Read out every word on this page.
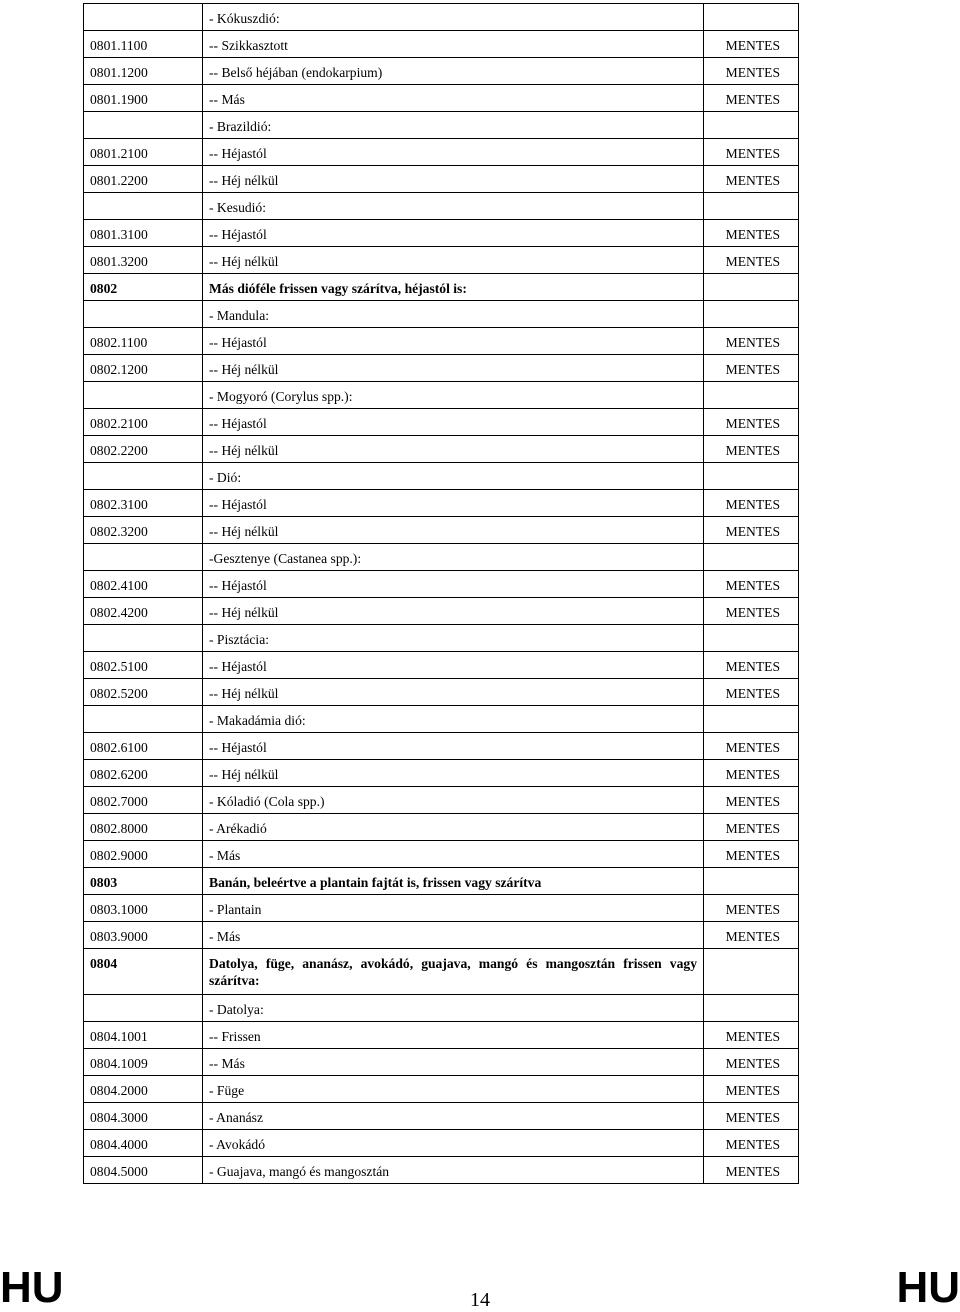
	- Kókuszdió:	
0801.1100	-- Szikkasztott	MENTES
0801.1200	-- Belső héjában (endokarpium)	MENTES
0801.1900	-- Más	MENTES
	- Brazildió:	
0801.2100	-- Héjastól	MENTES
0801.2200	-- Héj nélkül	MENTES
	- Kesudió:	
0801.3100	-- Héjastól	MENTES
0801.3200	-- Héj nélkül	MENTES
0802	Más dióféle frissen vagy szárítva, héjastól is:	
	- Mandula:	
0802.1100	-- Héjastól	MENTES
0802.1200	-- Héj nélkül	MENTES
	- Mogyoró (Corylus spp.):	
0802.2100	-- Héjastól	MENTES
0802.2200	-- Héj nélkül	MENTES
	- Dió:	
0802.3100	-- Héjastól	MENTES
0802.3200	-- Héj nélkül	MENTES
	-Gesztenye (Castanea spp.):	
0802.4100	-- Héjastól	MENTES
0802.4200	-- Héj nélkül	MENTES
	- Pisztácia:	
0802.5100	-- Héjastól	MENTES
0802.5200	-- Héj nélkül	MENTES
	- Makadámia dió:	
0802.6100	-- Héjastól	MENTES
0802.6200	-- Héj nélkül	MENTES
0802.7000	- Kóladió (Cola spp.)	MENTES
0802.8000	- Arékadió	MENTES
0802.9000	- Más	MENTES
0803	Banán, beleértve a plantain fajtát is, frissen vagy szárítva	
0803.1000	- Plantain	MENTES
0803.9000	- Más	MENTES
0804	Datolya, füge, ananász, avokádó, guajava, mangó és mangosztán frissen vagy szárítva:	
	- Datolya:	
0804.1001	-- Frissen	MENTES
0804.1009	-- Más	MENTES
0804.2000	- Füge	MENTES
0804.3000	- Ananász	MENTES
0804.4000	- Avokádó	MENTES
0804.5000	- Guajava, mangó és mangosztán	MENTES
HU	14	HU
